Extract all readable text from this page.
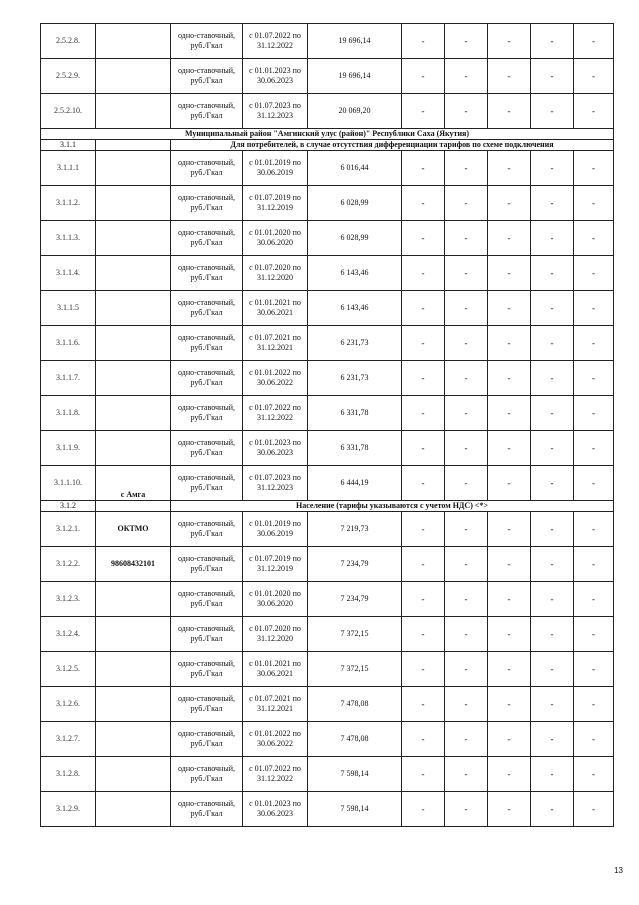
2.5.2.8.		одно-ставочный, руб./Гкал	с 01.07.2022 по 31.12.2022	19 696,14	-	-	-	-	-
2.5.2.9.		одно-ставочный, руб./Гкал	с 01.01.2023 по 30.06.2023	19 696,14	-	-	-	-	-
2.5.2.10.		одно-ставочный, руб./Гкал	с 01.07.2023 по 31.12.2023	20 069,20	-	-	-	-	-
Муниципальный район "Амгинский улус (район)" Республики Саха (Якутия)									
3.1.1		Для потребителей, в случае отсутствия дифференциации тарифов по схеме подключения							
3.1.1.1		одно-ставочный, руб./Гкал	с 01.01.2019 по 30.06.2019	6 016,44	-	-	-	-	-
3.1.1.2.		одно-ставочный, руб./Гкал	с 01.07.2019 по 31.12.2019	6 028,99	-	-	-	-	-
3.1.1.3.		одно-ставочный, руб./Гкал	с 01.01.2020 по 30.06.2020	6 028,99	-	-	-	-	-
3.1.1.4.		одно-ставочный, руб./Гкал	с 01.07.2020 по 31.12.2020	6 143,46	-	-	-	-	-
3.1.1.5		одно-ставочный, руб./Гкал	с 01.01.2021 по 30.06.2021	6 143,46	-	-	-	-	-
3.1.1.6.		одно-ставочный, руб./Гкал	с 01.07.2021 по 31.12.2021	6 231,73	-	-	-	-	-
3.1.1.7.		одно-ставочный, руб./Гкал	с 01.01.2022 по 30.06.2022	6 231,73	-	-	-	-	-
3.1.1.8.		одно-ставочный, руб./Гкал	с 01.07.2022 по 31.12.2022	6 331,78	-	-	-	-	-
3.1.1.9.		одно-ставочный, руб./Гкал	с 01.01.2023 по 30.06.2023	6 331,78	-	-	-	-	-
3.1.1.10.	с Амга	одно-ставочный, руб./Гкал	с 01.07.2023 по 31.12.2023	6 444,19	-	-	-	-	-
3.1.2		Население (тарифы указываются с учетом НДС) <*>							
3.1.2.1.	ОКТМО	одно-ставочный, руб./Гкал	с 01.01.2019 по 30.06.2019	7 219,73	-	-	-	-	-
3.1.2.2.	98608432101	одно-ставочный, руб./Гкал	с 01.07.2019 по 31.12.2019	7 234,79	-	-	-	-	-
3.1.2.3.		одно-ставочный, руб./Гкал	с 01.01.2020 по 30.06.2020	7 234,79	-	-	-	-	-
3.1.2.4.		одно-ставочный, руб./Гкал	с 01.07.2020 по 31.12.2020	7 372,15	-	-	-	-	-
3.1.2.5.		одно-ставочный, руб./Гкал	с 01.01.2021 по 30.06.2021	7 372,15	-	-	-	-	-
3.1.2.6.		одно-ставочный, руб./Гкал	с 01.07.2021 по 31.12.2021	7 478,08	-	-	-	-	-
3.1.2.7.		одно-ставочный, руб./Гкал	с 01.01.2022 по 30.06.2022	7 478,08	-	-	-	-	-
3.1.2.8.		одно-ставочный, руб./Гкал	с 01.07.2022 по 31.12.2022	7 598,14	-	-	-	-	-
3.1.2.9.		одно-ставочный, руб./Гкал	с 01.01.2023 по 30.06.2023	7 598,14	-	-	-	-	-
13
